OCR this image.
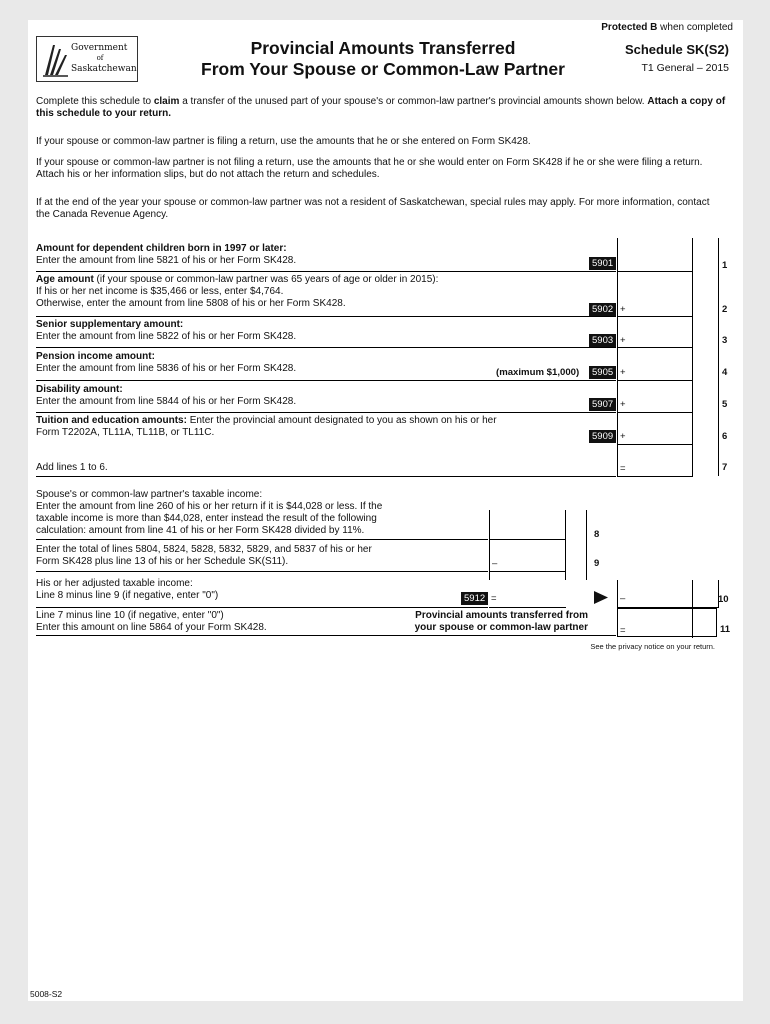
Protected B when completed
Government
of
Saskatchewan
Provincial Amounts Transferred
From Your Spouse or Common-Law Partner
Schedule SK(S2)
T1 General – 2015
Complete this schedule to claim a transfer of the unused part of your spouse's or common-law partner's provincial amounts shown below. Attach a copy of this schedule to your return.
If your spouse or common-law partner is filing a return, use the amounts that he or she entered on Form SK428.
If your spouse or common-law partner is not filing a return, use the amounts that he or she would enter on Form SK428 if he or she were filing a return. Attach his or her information slips, but do not attach the return and schedules.
If at the end of the year your spouse or common-law partner was not a resident of Saskatchewan, special rules may apply. For more information, contact the Canada Revenue Agency.
Amount for dependent children born in 1997 or later:
Enter the amount from line 5821 of his or her Form SK428.	5901	1
Age amount (if your spouse or common-law partner was 65 years of age or older in 2015):
If his or her net income is $35,466 or less, enter $4,764.
Otherwise, enter the amount from line 5808 of his or her Form SK428.
5902 +	2
Senior supplementary amount:
Enter the amount from line 5822 of his or her Form SK428.	5903 +	3
Pension income amount:
Enter the amount from line 5836 of his or her Form SK428.	(maximum $1,000)	5905 +	4
Disability amount:
Enter the amount from line 5844 of his or her Form SK428.	5907 +	5
Tuition and education amounts: Enter the provincial amount designated to you as shown on his or her
Form T2202A, TL11A, TL11B, or TL11C.	5909 +	6
Add lines 1 to 6.	=	7
Spouse's or common-law partner's taxable income:
Enter the amount from line 260 of his or her return if it is $44,028 or less. If the
taxable income is more than $44,028, enter instead the result of the following
calculation: amount from line 41 of his or her Form SK428 divided by 11%.	8
Enter the total of lines 5804, 5824, 5828, 5832, 5829, and 5837 of his or her
Form SK428 plus line 13 of his or her Schedule SK(S11).	–	9
His or her adjusted taxable income:
Line 8 minus line 9 (if negative, enter "0")	5912 =	–	10
Line 7 minus line 10 (if negative, enter "0")
Enter this amount on line 5864 of your Form SK428.
Provincial amounts transferred from
your spouse or common-law partner	=	11
See the privacy notice on your return.
5008-S2
